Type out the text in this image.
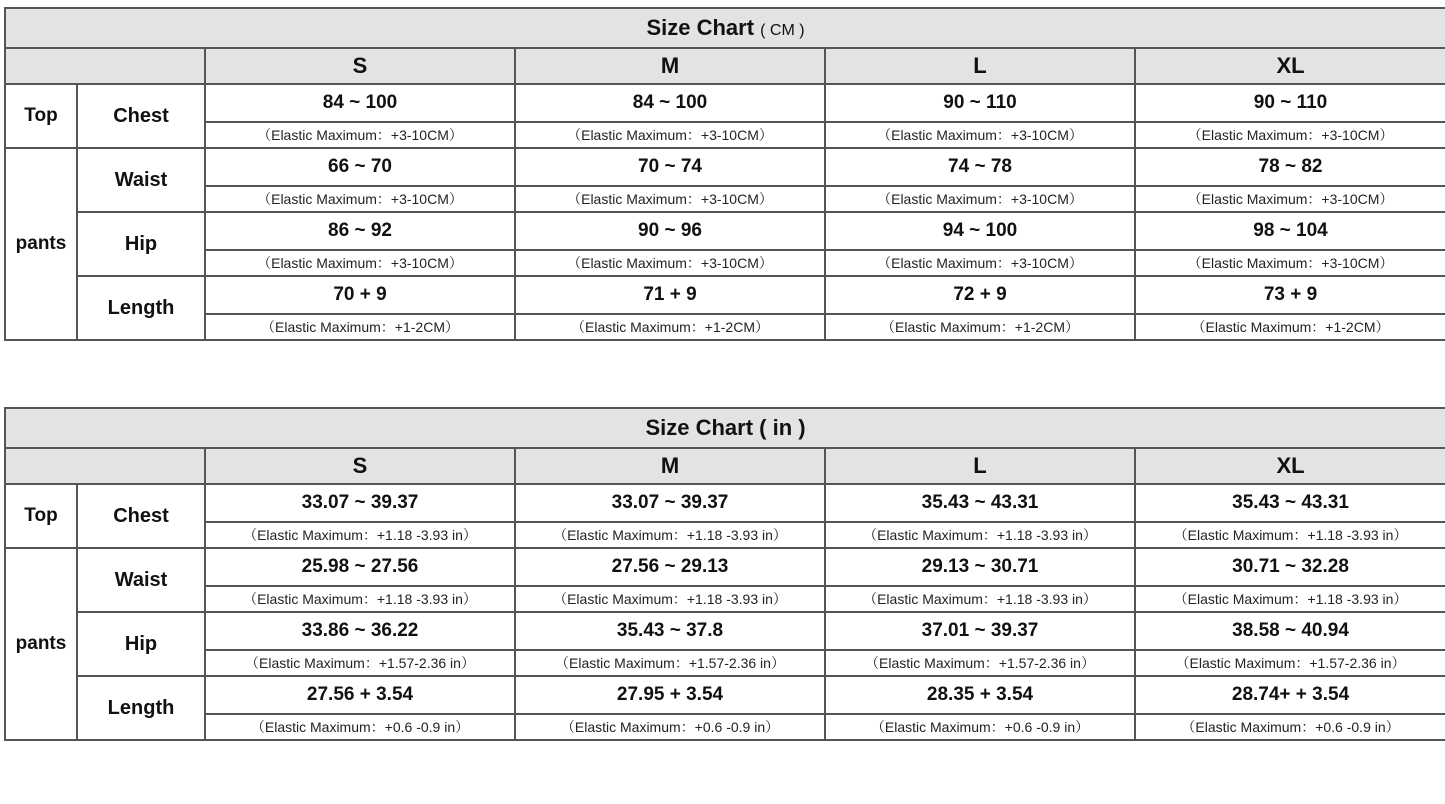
Size Chart ( CM )					
		S	M	L	XL
Top	Chest	84 ~ 100	84 ~ 100	90 ~ 110	90 ~ 110
		（Elastic Maximum：+3-10CM）	（Elastic Maximum：+3-10CM）	（Elastic Maximum：+3-10CM）	（Elastic Maximum：+3-10CM）
pants	Waist	66 ~ 70	70 ~ 74	74 ~ 78	78 ~ 82
		（Elastic Maximum：+3-10CM）	（Elastic Maximum：+3-10CM）	（Elastic Maximum：+3-10CM）	（Elastic Maximum：+3-10CM）
	Hip	86 ~ 92	90 ~ 96	94 ~ 100	98 ~ 104
		（Elastic Maximum：+3-10CM）	（Elastic Maximum：+3-10CM）	（Elastic Maximum：+3-10CM）	（Elastic Maximum：+3-10CM）
	Length	70 + 9	71 + 9	72 + 9	73 + 9
		（Elastic Maximum：+1-2CM）	（Elastic Maximum：+1-2CM）	（Elastic Maximum：+1-2CM）	（Elastic Maximum：+1-2CM）
Size Chart ( in )					
		S	M	L	XL
Top	Chest	33.07 ~ 39.37	33.07 ~ 39.37	35.43 ~ 43.31	35.43 ~ 43.31
		（Elastic Maximum：+1.18 -3.93 in）	（Elastic Maximum：+1.18 -3.93 in）	（Elastic Maximum：+1.18 -3.93 in）	（Elastic Maximum：+1.18 -3.93 in）
pants	Waist	25.98 ~ 27.56	27.56 ~ 29.13	29.13 ~ 30.71	30.71 ~ 32.28
		（Elastic Maximum：+1.18 -3.93 in）	（Elastic Maximum：+1.18 -3.93 in）	（Elastic Maximum：+1.18 -3.93 in）	（Elastic Maximum：+1.18 -3.93 in）
	Hip	33.86 ~ 36.22	35.43 ~ 37.8	37.01 ~ 39.37	38.58 ~ 40.94
		（Elastic Maximum：+1.57-2.36 in）	（Elastic Maximum：+1.57-2.36 in）	（Elastic Maximum：+1.57-2.36 in）	（Elastic Maximum：+1.57-2.36 in）
	Length	27.56 + 3.54	27.95 + 3.54	28.35 + 3.54	28.74+ + 3.54
		（Elastic Maximum：+0.6 -0.9 in）	（Elastic Maximum：+0.6 -0.9 in）	（Elastic Maximum：+0.6 -0.9 in）	（Elastic Maximum：+0.6 -0.9 in）
